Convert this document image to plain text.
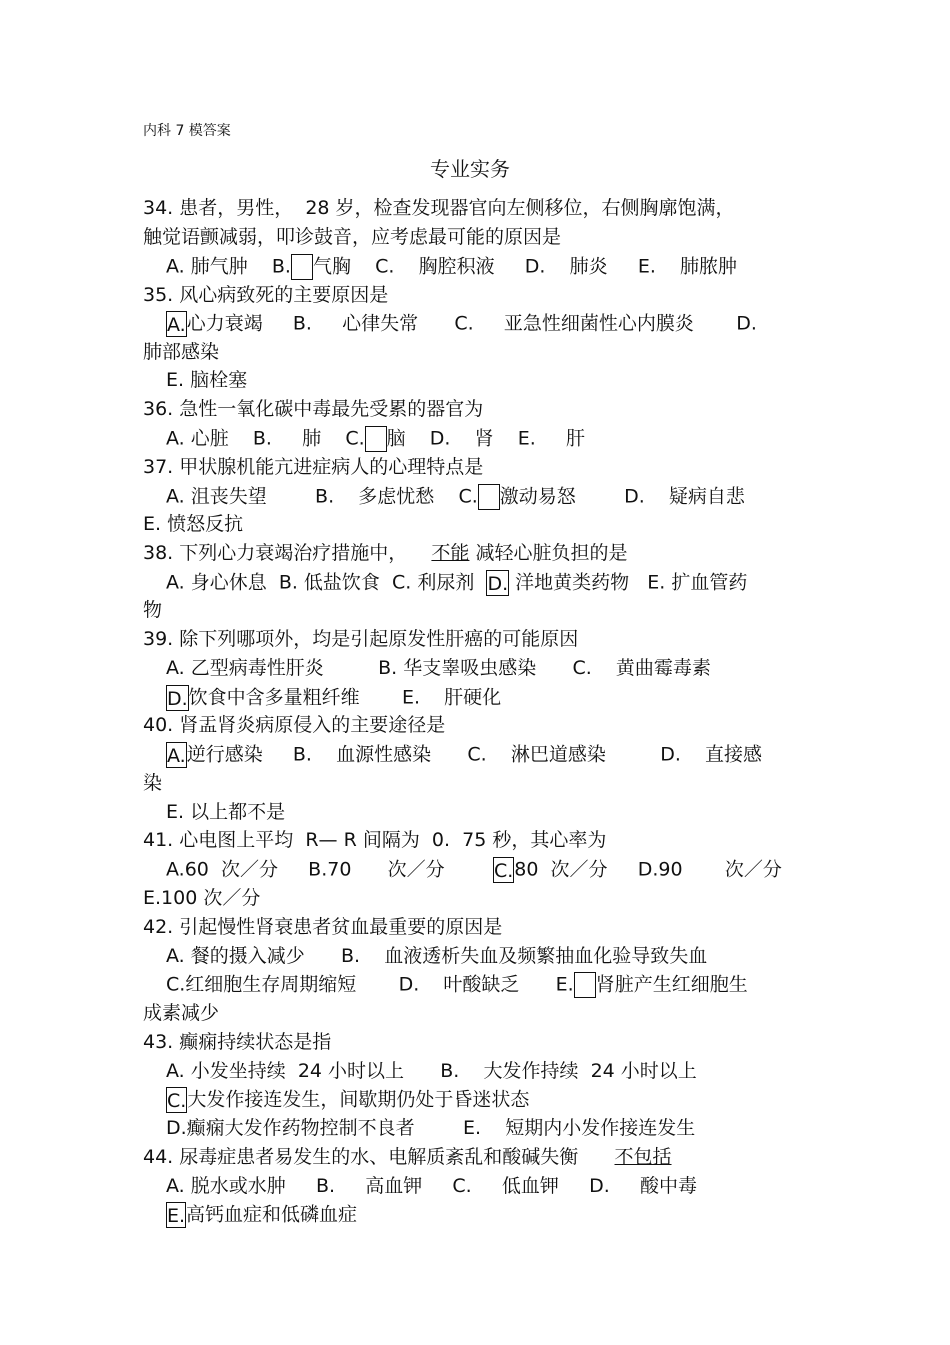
内科 7 模答案
专业实务
34. 患者，男性，  28 岁，检查发现器官向左侧移位，右侧胸廓饱满，
触觉语颤减弱，叩诊鼓音，应考虑最可能的原因是
A. 肺气肿    B. 气胸    C.    胸腔积液     D.    肺炎     E.    肺脓肿
35. 风心病致死的主要原因是
A.心力衰竭     B.     心律失常      C.     亚急性细菌性心内膜炎       D.
肺部感染
E. 脑栓塞
36. 急性一氧化碳中毒最先受累的器官为
A. 心脏    B.     肺    C. 脑    D.    肾    E.     肝
37. 甲状腺机能亢进症病人的心理特点是
A. 沮丧失望        B.    多虑忧愁    C. 激动易怒        D.    疑病自悲
E. 愤怒反抗
38. 下列心力衰竭治疗措施中，    不能 减轻心脏负担的是
A. 身心休息  B. 低盐饮食  C. 利尿剂  D. 洋地黄类药物   E. 扩血管药
物
39. 除下列哪项外，均是引起原发性肝癌的可能原因
A. 乙型病毒性肝炎         B. 华支睾吸虫感染      C.    黄曲霉毒素
D.饮食中含多量粗纤维       E.    肝硬化
40. 肾盂肾炎病原侵入的主要途径是
A.逆行感染     B.    血源性感染      C.    淋巴道感染         D.    直接感
染
E. 以上都不是
41. 心电图上平均  R— R 间隔为  0.  75 秒，其心率为
A.60  次／分     B.70      次／分        C.80  次／分     D.90       次／分
E.100 次／分
42. 引起慢性肾衰患者贫血最重要的原因是
A. 餐的摄入减少      B.    血液透析失血及频繁抽血化验导致失血
C.红细胞生存周期缩短       D.    叶酸缺乏      E. 肾脏产生红细胞生
成素减少
43. 癫痫持续状态是指
A. 小发坐持续  24 小时以上      B.    大发作持续  24 小时以上
C.大发作接连发生，间歇期仍处于昏迷状态
D.癫痫大发作药物控制不良者        E.    短期内小发作接连发生
44. 尿毒症患者易发生的水、电解质紊乱和酸碱失衡      不包括
A. 脱水或水肿     B.     高血钾     C.     低血钾     D.     酸中毒
E.高钙血症和低磷血症
